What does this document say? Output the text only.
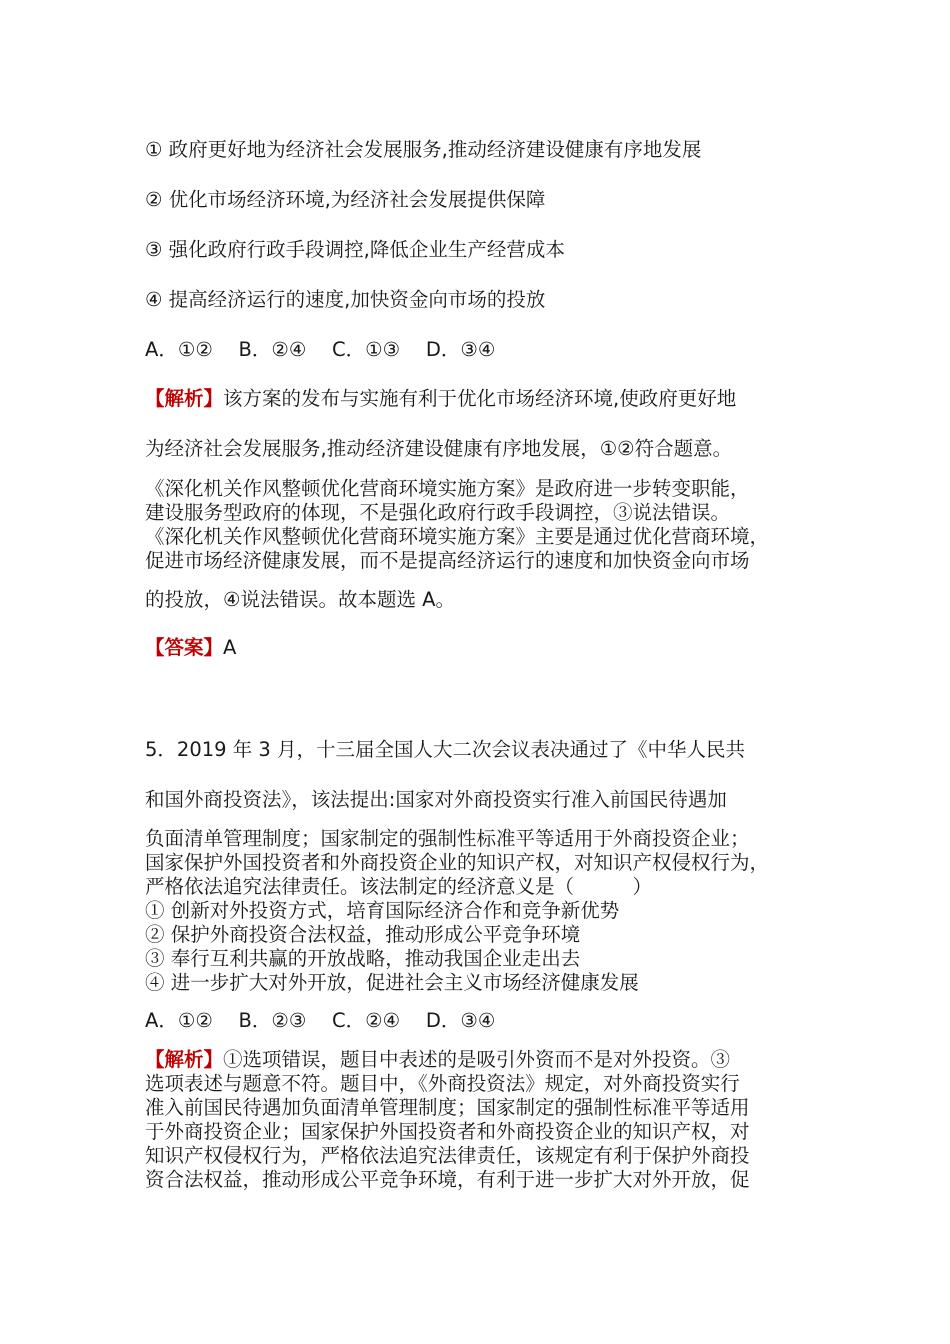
① 政府更好地为经济社会发展服务,推动经济建设健康有序地发展
② 优化市场经济环境,为经济社会发展提供保障
③ 强化政府行政手段调控,降低企业生产经营成本
④ 提高经济运行的速度,加快资金向市场的投放
A．①②　 B．②④　 C．①③　 D．③④
【解析】该方案的发布与实施有利于优化市场经济环境,使政府更好地
为经济社会发展服务,推动经济建设健康有序地发展，①②符合题意。
《深化机关作风整顿优化营商环境实施方案》是政府进一步转变职能，
建设服务型政府的体现，不是强化政府行政手段调控，③说法错误。
《深化机关作风整顿优化营商环境实施方案》主要是通过优化营商环境，
促进市场经济健康发展，而不是提高经济运行的速度和加快资金向市场
的投放，④说法错误。故本题选 A。
【答案】A
5．2019 年 3 月，十三届全国人大二次会议表决通过了《中华人民共
和国外商投资法》，该法提出:国家对外商投资实行准入前国民待遇加
负面清单管理制度；国家制定的强制性标准平等适用于外商投资企业；
国家保护外国投资者和外商投资企业的知识产权，对知识产权侵权行为，
严格依法追究法律责任。该法制定的经济意义是（　　　）
① 创新对外投资方式，培育国际经济合作和竞争新优势
② 保护外商投资合法权益，推动形成公平竞争环境
③ 奉行互利共赢的开放战略，推动我国企业走出去
④ 进一步扩大对外开放，促进社会主义市场经济健康发展
A．①②　 B．②③　 C．②④　 D．③④
【解析】①选项错误，题目中表述的是吸引外资而不是对外投资。③
选项表述与题意不符。题目中，《外商投资法》规定，对外商投资实行
准入前国民待遇加负面清单管理制度；国家制定的强制性标准平等适用
于外商投资企业；国家保护外国投资者和外商投资企业的知识产权，对
知识产权侵权行为，严格依法追究法律责任，该规定有利于保护外商投
资合法权益，推动形成公平竞争环境，有利于进一步扩大对外开放，促
